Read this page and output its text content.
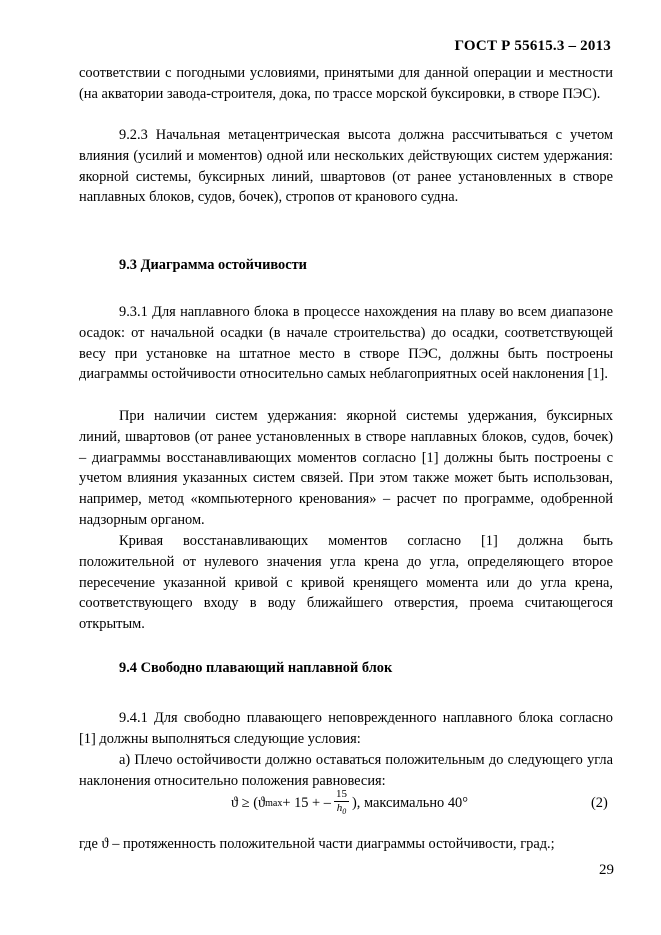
ГОСТ Р 55615.3 – 2013
соответствии с погодными условиями, принятыми для данной операции и местности (на акватории завода-строителя, дока, по трассе морской буксировки, в створе ПЭС).
9.2.3 Начальная метацентрическая высота должна рассчитываться с учетом влияния (усилий и моментов) одной или нескольких действующих систем удержания: якорной системы, буксирных линий, швартовов (от ранее установленных в створе наплавных блоков, судов, бочек), стропов от кранового судна.
9.3 Диаграмма остойчивости
9.3.1 Для наплавного блока в процессе нахождения на плаву во всем диапазоне осадок: от начальной осадки (в начале строительства) до осадки, соответствующей весу при установке на штатное место в створе ПЭС, должны быть построены диаграммы остойчивости относительно самых неблагоприятных осей наклонения [1].
При наличии систем удержания: якорной системы удержания, буксирных линий, швартовов (от ранее установленных в створе наплавных блоков, судов, бочек) – диаграммы восстанавливающих моментов согласно [1] должны быть построены с учетом влияния указанных систем связей. При этом также может быть использован, например, метод «компьютерного кренования» – расчет по программе, одобренной надзорным органом.
Кривая восстанавливающих моментов согласно [1] должна быть положительной от нулевого значения угла крена до угла, определяющего второе пересечение указанной кривой с кривой кренящего момента или до угла крена, соответствующего входу в воду ближайшего отверстия, проема считающегося открытым.
9.4 Свободно плавающий наплавной блок
9.4.1 Для свободно плавающего неповрежденного наплавного блока согласно [1] должны выполняться следующие условия:
а) Плечо остойчивости должно оставаться положительным до следующего угла наклонения относительно положения равновесия:
ϑ ≥ (ϑ max + 15 + – $\frac{15}{h_0}$ ), максимально 40°	(2)
где ϑ – протяженность положительной части диаграммы остойчивости, град.;
29
